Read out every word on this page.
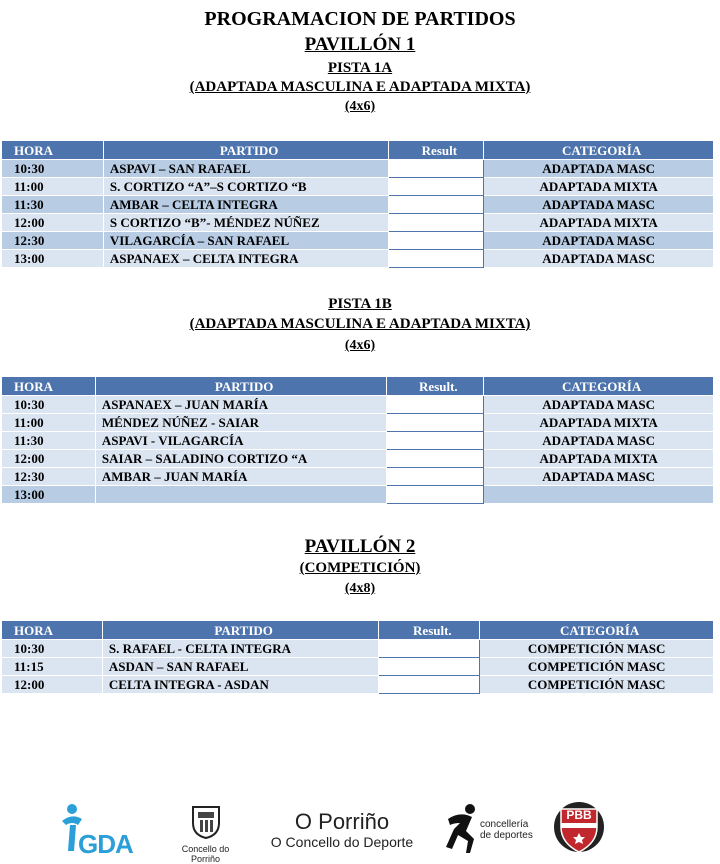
PROGRAMACION DE PARTIDOS
PAVILLÓN 1
PISTA 1A
(ADAPTADA MASCULINA E ADAPTADA MIXTA)
(4x6)
HORA	PARTIDO	Result	CATEGORÍA
10:30	ASPAVI – SAN RAFAEL		ADAPTADA MASC
11:00	S. CORTIZO “A”–S CORTIZO “B		ADAPTADA MIXTA
11:30	AMBAR – CELTA INTEGRA		ADAPTADA MASC
12:00	S CORTIZO “B”- MÉNDEZ NÚÑEZ		ADAPTADA MIXTA
12:30	VILAGARCÍA – SAN RAFAEL		ADAPTADA MASC
13:00	ASPANAEX – CELTA INTEGRA		ADAPTADA MASC
PISTA 1B
(ADAPTADA MASCULINA E ADAPTADA MIXTA)
(4x6)
HORA	PARTIDO	Result.	CATEGORÍA
10:30	ASPANAEX – JUAN MARÍA		ADAPTADA MASC
11:00	MÉNDEZ NÚÑEZ - SAIAR		ADAPTADA MIXTA
11:30	ASPAVI - VILAGARCÍA		ADAPTADA MASC
12:00	SAIAR – SALADINO CORTIZO “A		ADAPTADA MIXTA
12:30	AMBAR – JUAN MARÍA		ADAPTADA MASC
13:00			
PAVILLÓN 2
(COMPETICIÓN)
(4x8)
HORA	PARTIDO	Result.	CATEGORÍA
10:30	S. RAFAEL - CELTA INTEGRA		COMPETICIÓN MASC
11:15	ASDAN – SAN RAFAEL		COMPETICIÓN MASC
12:00	CELTA INTEGRA - ASDAN		COMPETICIÓN MASC
GDA	Concello do Porriño
O Porriño
O Concello do Deporte
concellería
de deportes
PBB
